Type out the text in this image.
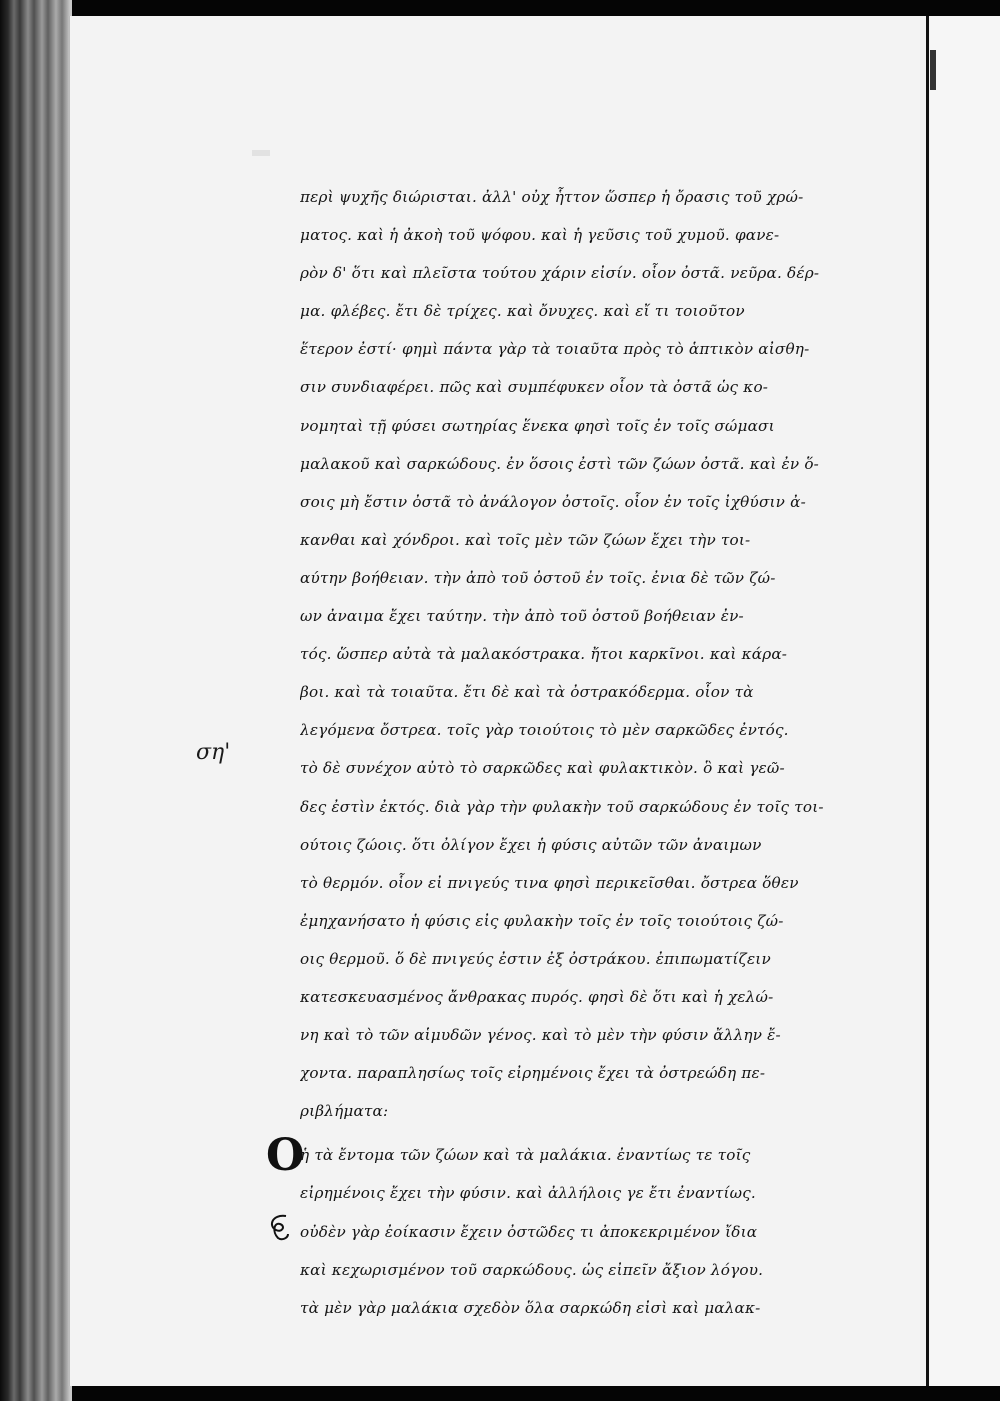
ση'
περὶ ψυχῆς διώρισται. ἀλλ' οὐχ ἧττον ὥσπερ ἡ ὄρασις τοῦ χρώ-
ματος. καὶ ἡ ἀκοὴ τοῦ ψόφου. καὶ ἡ γεῦσις τοῦ χυμοῦ. φανε-
ρὸν δ' ὅτι καὶ πλεῖστα τούτου χάριν εἰσίν. οἷον ὀστᾶ. νεῦρα. δέρ-
μα. φλέβες. ἔτι δὲ τρίχες. καὶ ὄνυχες. καὶ εἴ τι τοιοῦτον
ἕτερον ἐστί· φημὶ πάντα γὰρ τὰ τοιαῦτα πρὸς τὸ ἁπτικὸν αἰσθη-
σιν συνδιαφέρει. πῶς καὶ συμπέφυκεν οἷον τὰ ὀστᾶ ὡς κο-
νομηταὶ τῇ φύσει σωτηρίας ἕνεκα φησὶ τοῖς ἐν τοῖς σώμασι
μαλακοῦ καὶ σαρκώδους. ἐν ὅσοις ἐστὶ τῶν ζώων ὀστᾶ. καὶ ἐν ὅ-
σοις μὴ ἔστιν ὀστᾶ τὸ ἀνάλογον ὀστοῖς. οἷον ἐν τοῖς ἰχθύσιν ἀ-
κανθαι καὶ χόνδροι. καὶ τοῖς μὲν τῶν ζώων ἔχει τὴν τοι-
αύτην βοήθειαν. τὴν ἀπὸ τοῦ ὀστοῦ ἐν τοῖς. ἐνια δὲ τῶν ζώ-
ων ἀναιμα ἔχει ταύτην. τὴν ἀπὸ τοῦ ὀστοῦ βοήθειαν ἐν-
τός. ὥσπερ αὐτὰ τὰ μαλακόστρακα. ἤτοι καρκῖνοι. καὶ κάρα-
βοι. καὶ τὰ τοιαῦτα. ἔτι δὲ καὶ τὰ ὀστρακόδερμα. οἷον τὰ
λεγόμενα ὄστρεα. τοῖς γὰρ τοιούτοις τὸ μὲν σαρκῶδες ἐντός.
τὸ δὲ συνέχον αὐτὸ τὸ σαρκῶδες καὶ φυλακτικὸν. ὃ καὶ γεῶ-
δες ἐστὶν ἐκτός. διὰ γὰρ τὴν φυλακὴν τοῦ σαρκώδους ἐν τοῖς τοι-
ούτοις ζώοις. ὅτι ὀλίγον ἔχει ἡ φύσις αὐτῶν τῶν ἀναιμων
τὸ θερμόν. οἷον εἰ πνιγεύς τινα φησὶ περικεῖσθαι. ὄστρεα ὅθεν
ἐμηχανήσατο ἡ φύσις εἰς φυλακὴν τοῖς ἐν τοῖς τοιούτοις ζώ-
οις θερμοῦ. ὅ δὲ πνιγεύς ἐστιν ἐξ ὀστράκου. ἐπιπωματίζειν
κατεσκευασμένος ἄνθρακας πυρός. φησὶ δὲ ὅτι καὶ ἡ χελώ-
νη καὶ τὸ τῶν αἱμυδῶν γένος. καὶ τὸ μὲν τὴν φύσιν ἄλλην ἔ-
χοντα. παραπλησίως τοῖς εἰρημένοις ἔχει τὰ ὀστρεώδη πε-
ριβλήματα:
Ο
ἡ τὰ ἔντομα τῶν ζώων καὶ τὰ μαλάκια. ἐναντίως τε τοῖς
εἰρημένοις ἔχει τὴν φύσιν. καὶ ἀλλήλοις γε ἔτι ἐναντίως.
οὐδὲν γὰρ ἐοίκασιν ἔχειν ὀστῶδες τι ἀποκεκριμένον ἴδια
καὶ κεχωρισμένον τοῦ σαρκώδους. ὡς εἰπεῖν ἄξιον λόγου.
τὰ μὲν γὰρ μαλάκια σχεδὸν ὅλα σαρκώδη εἰσὶ καὶ μαλακ-
